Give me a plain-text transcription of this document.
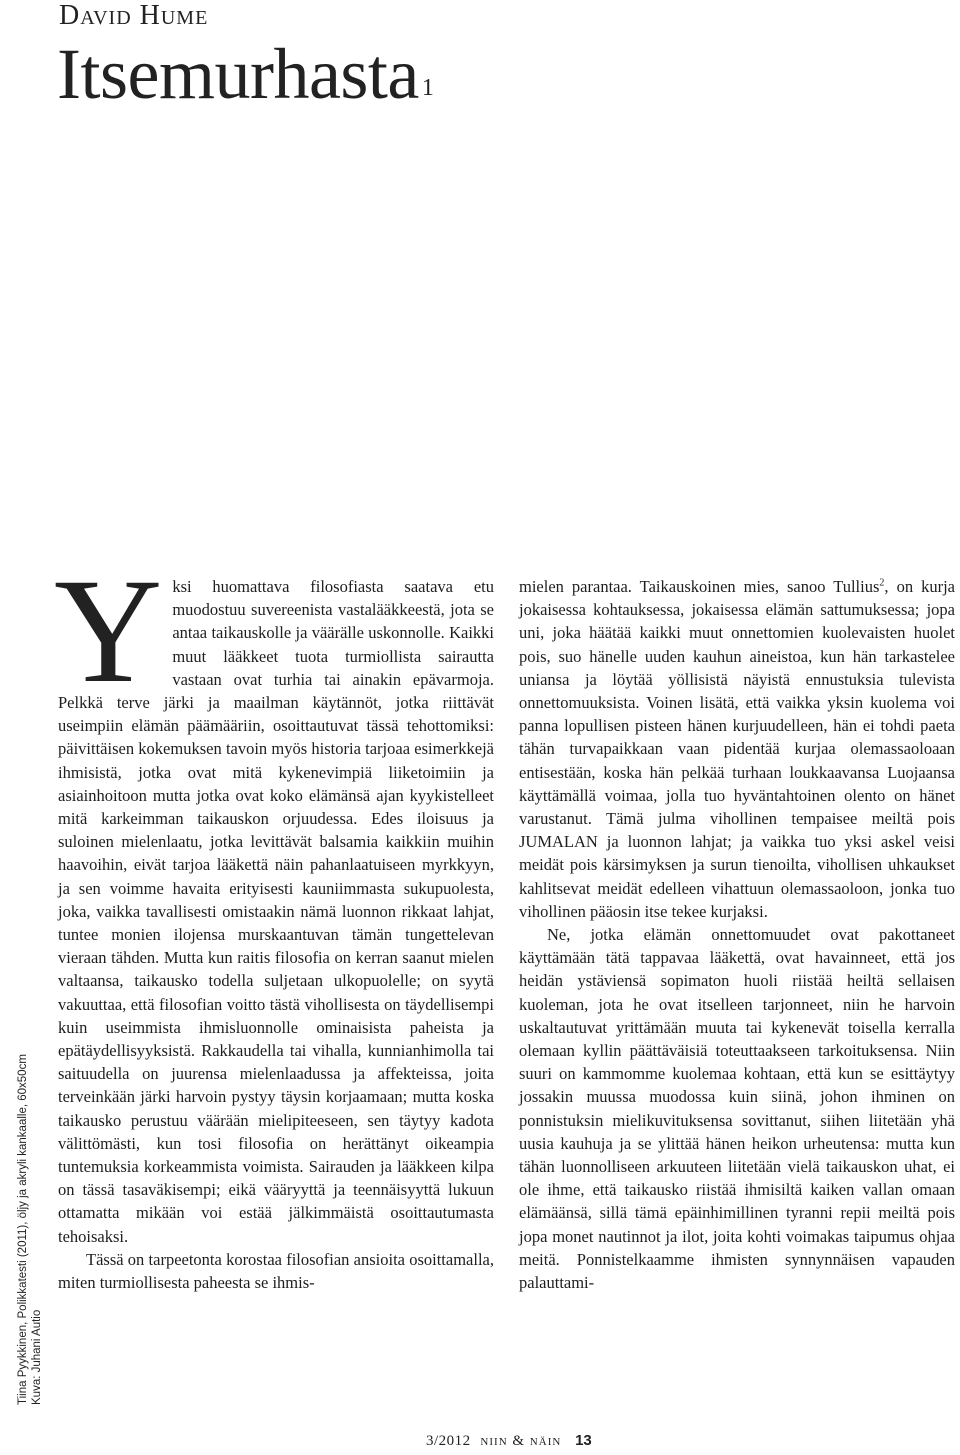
David Hume
Itsemurhasta $^1$
Tiina Pyykkinen, Polikkatesti (2011), öljy ja akryli kankaalle, 60x50cm Kuva: Juhani Autio

Yksi huomattava filosofiasta saatava etu muodostuu suvereenista vastalääkkeestä, jota se antaa taikauskolle ja väärälle uskonnolle. Kaikki muut lääkkeet tuota turmiollista sairautta vastaan ovat turhia tai ainakin epävarmoja. Pelkkä terve järki ja maailman käytännöt, jotka riittävät useimpiin elämän päämääriin, osoittautuvat tässä tehottomiksi: päivittäisen kokemuksen tavoin myös historia tarjoaa esimerkkejä ihmisistä, jotka ovat mitä kykenevimpiä liiketoimiin ja asiainhoitoon mutta jotka ovat koko elämänsä ajan kyykistelleet mitä karkeimman taikauskon orjuudessa. Edes iloisuus ja suloinen mielenlaatu, jotka levittävät balsamia kaikkiin muihin haavoihin, eivät tarjoa lääkettä näin pahanlaatuiseen myrkkyyn, ja sen voimme havaita erityisesti kauniimmasta sukupuolesta, joka, vaikka tavallisesti omistaakin nämä luonnon rikkaat lahjat, tuntee monien ilojensa murskaantuvan tämän tungettelevan vieraan tähden. Mutta kun raitis filosofia on kerran saanut mielen valtaansa, taikausko todella suljetaan ulkopuolelle; on syytä vakuuttaa, että filosofian voitto tästä vihollisesta on täydellisempi kuin useimmista ihmisluonnolle ominaisista paheista ja epätäydellisyyksistä. Rakkaudella tai vihalla, kunnianhimolla tai saituudella on juurensa mielenlaadussa ja affekteissa, joita terveinkään järki harvoin pystyy täysin korjaamaan; mutta koska taikausko perustuu väärään mielipiteeseen, sen täytyy kadota välittömästi, kun tosi filosofia on herättänyt oikeampia tuntemuksia korkeammista voimista. Sairauden ja lääkkeen kilpa on tässä tasaväkisempi; eikä vääryyttä ja teennäisyyttä lukuun ottamatta mikään voi estää jälkimmäistä osoittautumasta tehoisaksi.

Tässä on tarpeetonta korostaa filosofian ansioita osoittamalla, miten turmiollisesta paheesta se ihmis-

mielen parantaa. Taikauskoinen mies, sanoo Tullius$^2$, on kurja jokaisessa kohtauksessa, jokaisessa elämän sattumuksessa; jopa uni, joka häätää kaikki muut onnettomien kuolevaisten huolet pois, suo hänelle uuden kauhun aineistoa, kun hän tarkastelee uniansa ja löytää yöllisistä näyistä ennustuksia tulevista onnettomuuksista. Voinen lisätä, että vaikka yksin kuolema voi panna lopullisen pisteen hänen kurjuudelleen, hän ei tohdi paeta tähän turvapaikkaan vaan pidentää kurjaa olemassaoloaan entisestään, koska hän pelkää turhaan loukkaavansa Luojaansa käyttämällä voimaa, jolla tuo hyväntahtoinen olento on hänet varustanut. Tämä julma vihollinen tempaisee meiltä pois JUMALAN ja luonnon lahjat; ja vaikka tuo yksi askel veisi meidät pois kärsimyksen ja surun tienoilta, vihollisen uhkaukset kahlitsevat meidät edelleen vihattuun olemassaoloon, jonka tuo vihollinen pääosin itse tekee kurjaksi.

Ne, jotka elämän onnettomuudet ovat pakottaneet käyttämään tätä tappavaa lääkettä, ovat havainneet, että jos heidän ystäviensä sopimaton huoli riistää heiltä sellaisen kuoleman, jota he ovat itselleen tarjonneet, niin he harvoin uskaltautuvat yrittämään muuta tai kykenevät toisella kerralla olemaan kyllin päättäväisiä toteuttaakseen tarkoituksensa. Niin suuri on kammomme kuolemaa kohtaan, että kun se esittäytyy jossakin muussa muodossa kuin siinä, johon ihminen on ponnistuksin mielikuvituksensa sovittanut, siihen liitetään yhä uusia kauhuja ja se ylittää hänen heikon urheutensa: mutta kun tähän luonnolliseen arkuuteen liitetään vielä taikauskon uhat, ei ole ihme, että taikausko riistää ihmisiltä kaiken vallan omaan elämäänsä, sillä tämä epäinhimillinen tyranni repii meiltä pois jopa monet nautinnot ja ilot, joita kohti voimakas taipumus ohjaa meitä. Ponnistelkaamme ihmisten synnynnäisen vapauden palauttami-

3/2012 niin & näin 13
